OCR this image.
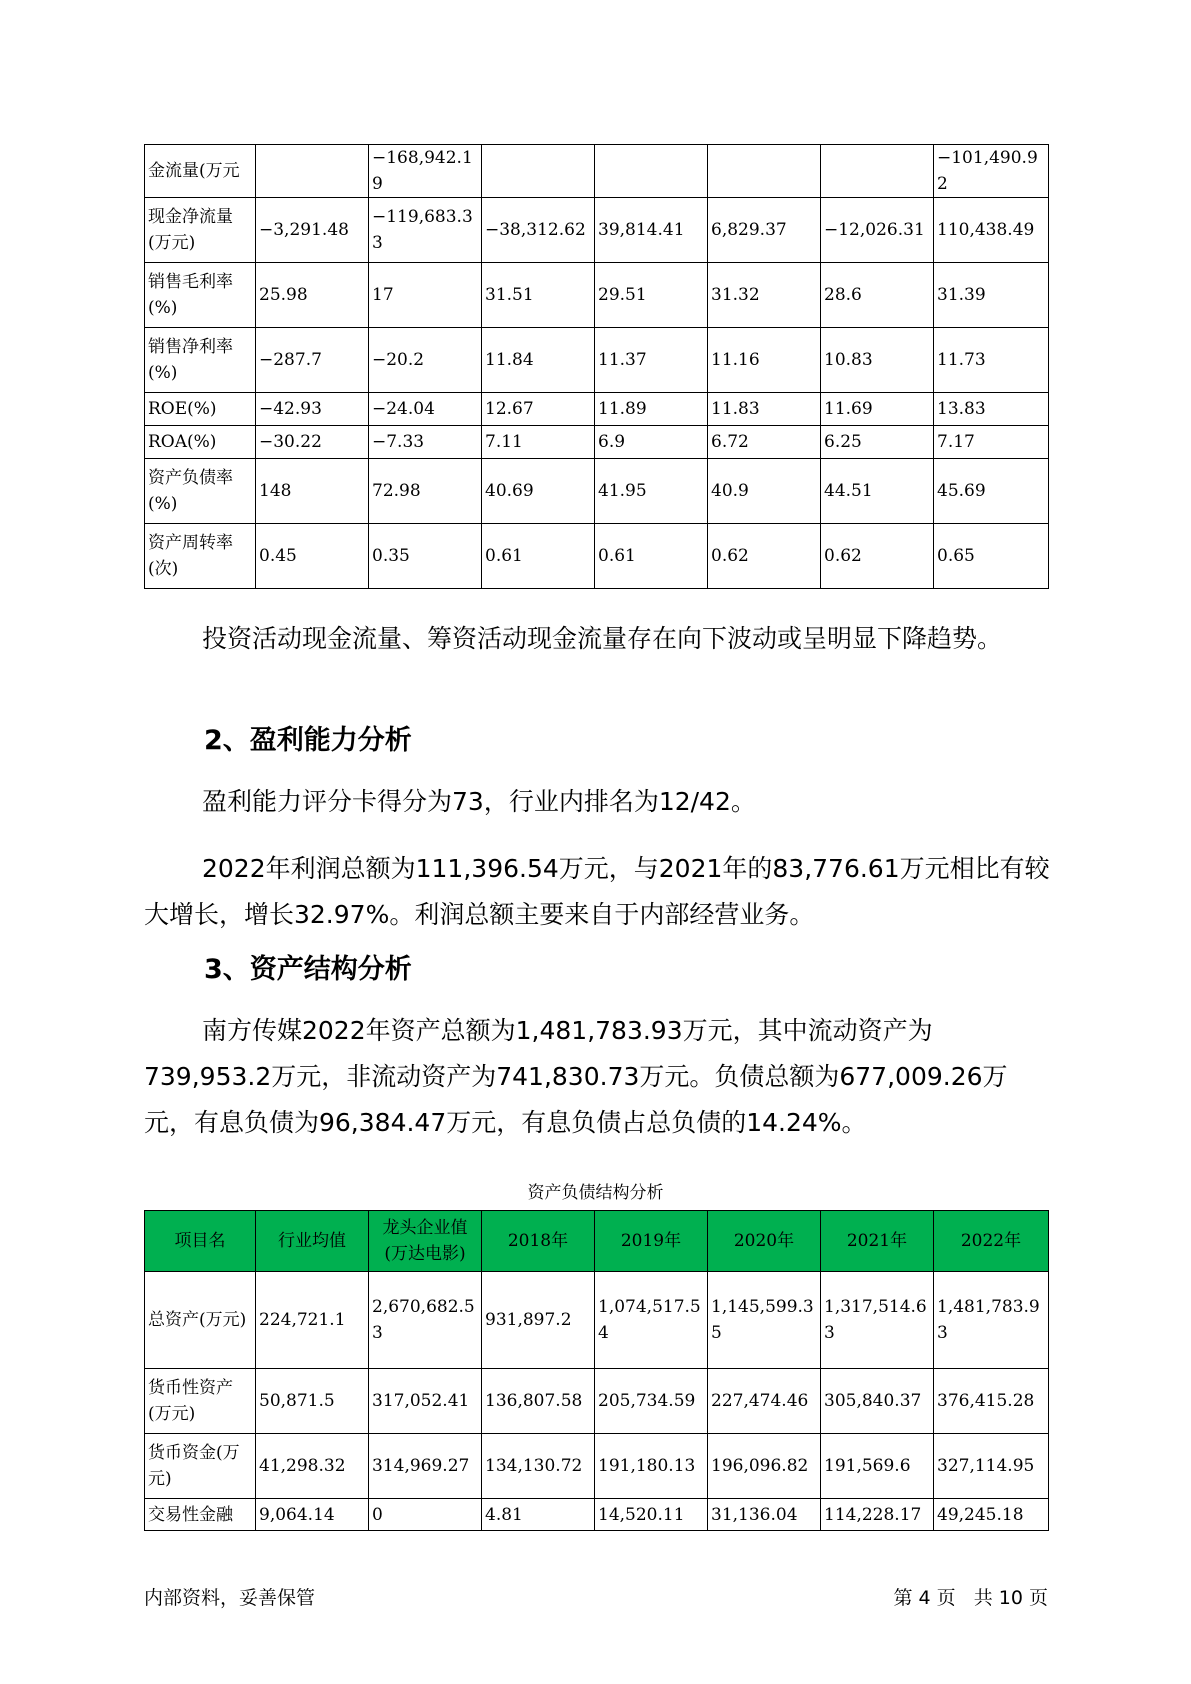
金流量(万元		−168,942.19					−101,490.92
现金净流量(万元)	−3,291.48	−119,683.33	−38,312.62	39,814.41	6,829.37	−12,026.31	110,438.49
销售毛利率(%)	25.98	17	31.51	29.51	31.32	28.6	31.39
销售净利率(%)	−287.7	−20.2	11.84	11.37	11.16	10.83	11.73
ROE(%)	−42.93	−24.04	12.67	11.89	11.83	11.69	13.83
ROA(%)	−30.22	−7.33	7.11	6.9	6.72	6.25	7.17
资产负债率(%)	148	72.98	40.69	41.95	40.9	44.51	45.69
资产周转率(次)	0.45	0.35	0.61	0.61	0.62	0.62	0.65

投资活动现金流量、筹资活动现金流量存在向下波动或呈明显下降趋势。

2、盈利能力分析

盈利能力评分卡得分为73，行业内排名为12/42。

2022年利润总额为111,396.54万元，与2021年的83,776.61万元相比有较大增长，增长32.97%。利润总额主要来自于内部经营业务。

3、资产结构分析

南方传媒2022年资产总额为1,481,783.93万元，其中流动资产为739,953.2万元，非流动资产为741,830.73万元。负债总额为677,009.26万元，有息负债为96,384.47万元，有息负债占总负债的14.24%。

资产负债结构分析
项目名	行业均值	龙头企业值(万达电影)	2018年	2019年	2020年	2021年	2022年
总资产(万元)	224,721.1	2,670,682.53	931,897.2	1,074,517.54	1,145,599.35	1,317,514.63	1,481,783.93
货币性资产(万元)	50,871.5	317,052.41	136,807.58	205,734.59	227,474.46	305,840.37	376,415.28
货币资金(万元)	41,298.32	314,969.27	134,130.72	191,180.13	196,096.82	191,569.6	327,114.95
交易性金融	9,064.14	0	4.81	14,520.11	31,136.04	114,228.17	49,245.18
内部资料，妥善保管	第 4 页   共 10 页
